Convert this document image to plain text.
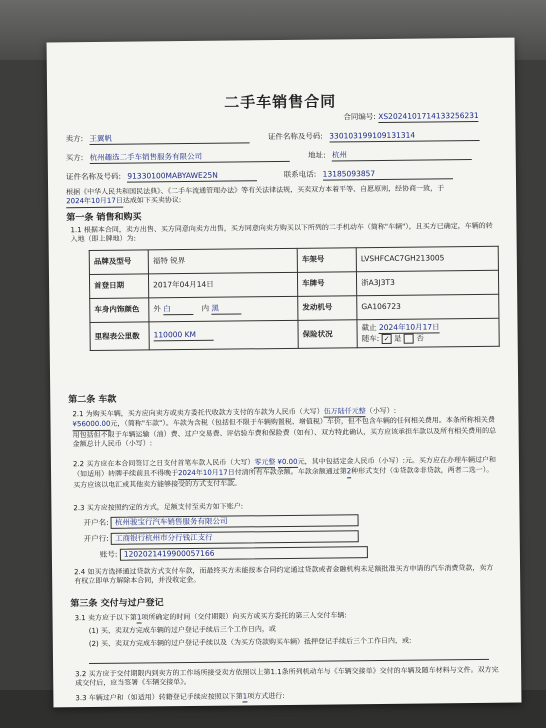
二手车销售合同
合同编号: XS2024101714133256231
卖方: 王翼帆	证件名称及号码: 330103199109131314
买方: 杭州趣选二手车销售服务有限公司	地址: 杭州
证件名称及号码: 91330100MABYAWE25N	联系电话: 13185093857
根据《中华人民共和国民法典》、《二手车流通管理办法》等有关法律法规，买卖双方本着平等、自愿原则，经协商一致，于2024年10月17日达成如下买卖协议:
第一条 销售和购买
1.1 根据本合同，卖方出售、买方同意向卖方出售，买方同意向卖方购买以下所列的二手机动车（简称"车辆"），且买方已确定，车辆的转入地（即上牌地）为:
品牌及型号	福特 锐界	车架号	LVSHFCAC7GH213005
首登日期	2017年04月14日	车牌号	浙A3J3T3
车身内饰颜色	外 白 内 黑	发动机号	GA106723
里程表公里数	110000 KM	保险状况	截止 2024年10月17日
随车: ✓ 是 否
第二条 车款
2.1 为购买车辆，买方应向卖方或卖方委托代收款方支付的车款为人民币（大写）伍万陆仟元整（小写）:
¥56000.00元，（简称"车款"）。车款为含税（包括但不限于车辆购置税、增值税）车价，但不包含车辆的任何相关费用。本条所称相关费用包括但不限于车辆运输（油）费、过户交易费、评估验车费和保险费（如有）、双方特此确认，买方应该承担车款以及所有相关费用的总金额总计人民币（小写）:
2.2 买方应在本合同签订之日支付首笔车款人民币（大写）零元整 ¥0.00元，其中包括定金人民币（小写）:元。买方应在办理车辆过户和（如适用）转牌手续前且不得晚于2024年10月17日付清所有车款余额。车款余额通过第2种形式支付（①贷款②非贷款，两者二选一）。买方应该以电汇或其他卖方能够接受的方式支付车款。
2.3 买方应按照约定的方式，足额支付至卖方如下账户:
开户名: 杭州骏宝行汽车销售服务有限公司
开户行: 工商银行杭州市分行钱江支行
账号: 1202021419900057166
2.4 如买方选择通过贷款方式支付车款，而最终买方未能按本合同约定通过贷款或者金融机构未足额批准买方申请的汽车消费贷款，卖方有权立即单方解除本合同，并没收定金。
第三条 交付与过户登记
3.1 卖方应于以下第1项所确定的时间（交付期限）向买方或买方委托的第三人交付车辆:
(1) 买、卖双方完成车辆的过户登记手续后三个工作日内，或
(2) 买、卖双方完成车辆的过户登记手续以及（为买方贷款购买车辆）抵押登记手续后三个工作日内，或:
3.2 买方应于交付期限内到卖方的工作场所接受卖方依照以上第1.1条所列机动车与《车辆交接单》交付的车辆及随车材料与文件。双方完成交付后，应当签署《车辆交接单》。
3.3 车辆过户和（如适用）转籍登记手续应按照以下第1项方式进行:
